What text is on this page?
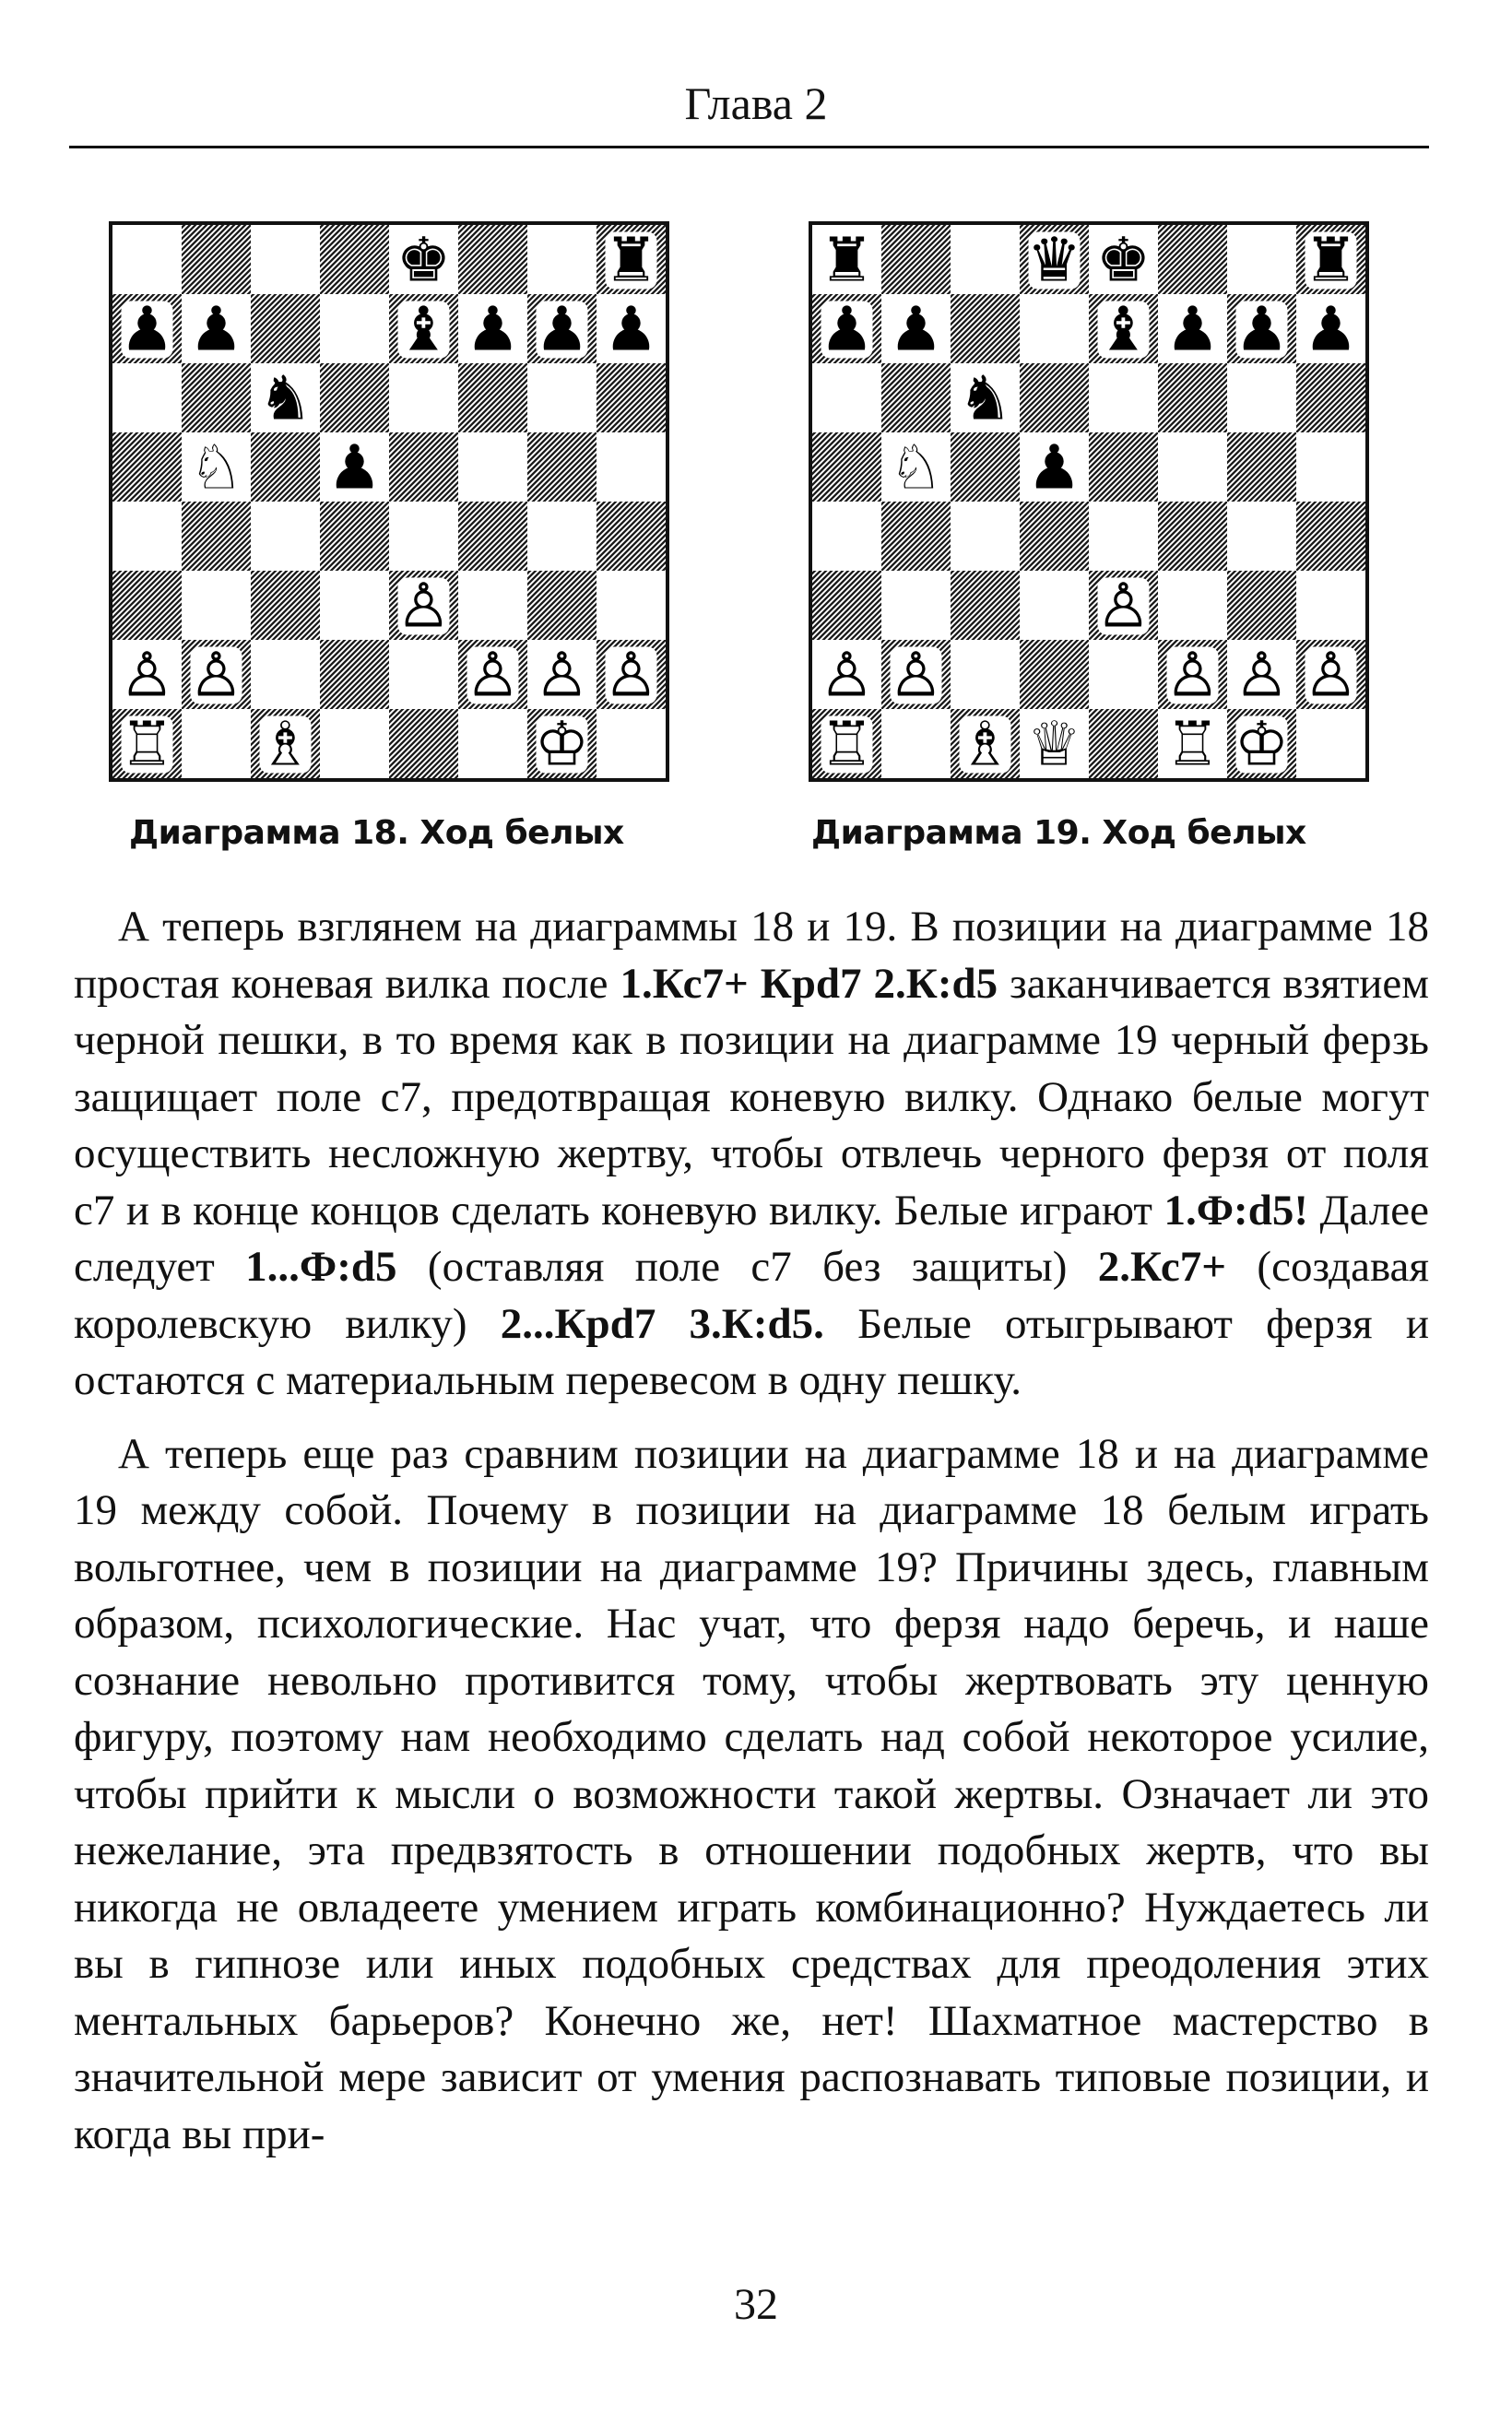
Глава 2
♚	♜
♟ ♟	♝ ♟ ♟ ♟
♞
♘ ♟
♙
♙ ♙	♙ ♙ ♙
♖ ♗	♔
♜	♛ ♚	♜
♟ ♟	♝ ♟ ♟ ♟
♞
♘ ♟
♙
♙ ♙	♙ ♙ ♙
♖ ♗ ♕ ♖ ♔
Диаграмма 18. Ход белых	Диаграмма 19. Ход белых

А теперь взглянем на диаграммы 18 и 19. В позиции на диаграмме 18 простая коневая вилка после 1.Кс7+ Крd7 2.К:d5 заканчивается взятием черной пешки, в то время как в позиции на диаграмме 19 черный ферзь защищает поле с7, предотвращая коневую вилку. Однако белые могут осуществить несложную жертву, чтобы отвлечь черного ферзя от поля с7 и в конце концов сделать коневую вилку. Белые играют 1.Ф:d5! Далее следует 1...Ф:d5 (оставляя поле с7 без защиты) 2.Кс7+ (создавая королевскую вилку) 2...Крd7 3.К:d5. Белые отыгрывают ферзя и остаются с материальным перевесом в одну пешку.

А теперь еще раз сравним позиции на диаграмме 18 и на диаграмме 19 между собой. Почему в позиции на диаграмме 18 белым играть вольготнее, чем в позиции на диаграмме 19? Причины здесь, главным образом, психологические. Нас учат, что ферзя надо беречь, и наше сознание невольно противится тому, чтобы жертвовать эту ценную фигуру, поэтому нам необходимо сделать над собой некоторое усилие, чтобы прийти к мысли о возможности такой жертвы. Означает ли это нежелание, эта предвзятость в отношении подобных жертв, что вы никогда не овладеете умением играть комбинационно? Нуждаетесь ли вы в гипнозе или иных подобных средствах для преодоления этих ментальных барьеров? Конечно же, нет! Шахматное мастерство в значительной мере зависит от умения распознавать типовые позиции, и когда вы при-

32
